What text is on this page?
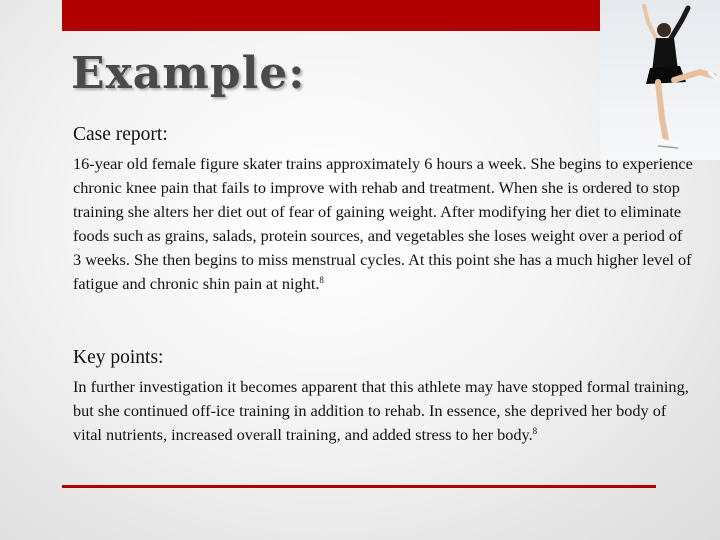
Example:

Case report:

16-year old female figure skater trains approximately 6 hours a week. She begins to experience chronic knee pain that fails to improve with rehab and treatment. When she is ordered to stop training she alters her diet out of fear of gaining weight. After modifying her diet to eliminate foods such as grains, salads, protein sources, and vegetables she loses weight over a period of 3 weeks. She then begins to miss menstrual cycles. At this point she has a much higher level of fatigue and chronic shin pain at night.$^8$

Key points:

In further investigation it becomes apparent that this athlete may have stopped formal training, but she continued off-ice training in addition to rehab. In essence, she deprived her body of vital nutrients, increased overall training, and added stress to her body.$^8$
